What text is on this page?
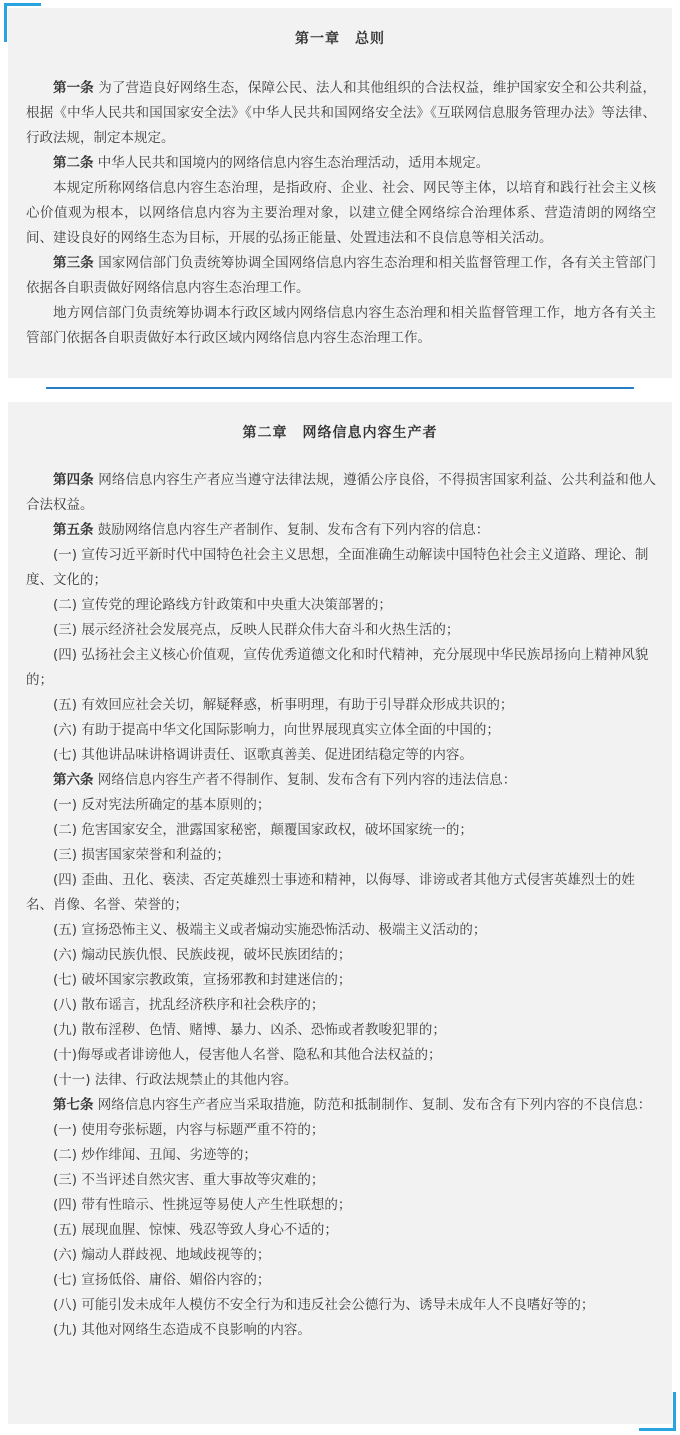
第一章　总则

第一条 为了营造良好网络生态，保障公民、法人和其他组织的合法权益，维护国家安全和公共利益，根据《中华人民共和国国家安全法》《中华人民共和国网络安全法》《互联网信息服务管理办法》等法律、行政法规，制定本规定。

第二条 中华人民共和国境内的网络信息内容生态治理活动，适用本规定。

本规定所称网络信息内容生态治理，是指政府、企业、社会、网民等主体，以培育和践行社会主义核心价值观为根本，以网络信息内容为主要治理对象，以建立健全网络综合治理体系、营造清朗的网络空间、建设良好的网络生态为目标，开展的弘扬正能量、处置违法和不良信息等相关活动。

第三条 国家网信部门负责统筹协调全国网络信息内容生态治理和相关监督管理工作，各有关主管部门依据各自职责做好网络信息内容生态治理工作。

地方网信部门负责统筹协调本行政区域内网络信息内容生态治理和相关监督管理工作，地方各有关主管部门依据各自职责做好本行政区域内网络信息内容生态治理工作。

第二章　网络信息内容生产者

第四条 网络信息内容生产者应当遵守法律法规，遵循公序良俗，不得损害国家利益、公共利益和他人合法权益。

第五条 鼓励网络信息内容生产者制作、复制、发布含有下列内容的信息：

(一) 宣传习近平新时代中国特色社会主义思想，全面准确生动解读中国特色社会主义道路、理论、制度、文化的；

(二) 宣传党的理论路线方针政策和中央重大决策部署的；

(三) 展示经济社会发展亮点，反映人民群众伟大奋斗和火热生活的；

(四) 弘扬社会主义核心价值观，宣传优秀道德文化和时代精神，充分展现中华民族昂扬向上精神风貌的；

(五) 有效回应社会关切，解疑释惑，析事明理，有助于引导群众形成共识的；

(六) 有助于提高中华文化国际影响力，向世界展现真实立体全面的中国的；

(七) 其他讲品味讲格调讲责任、讴歌真善美、促进团结稳定等的内容。

第六条 网络信息内容生产者不得制作、复制、发布含有下列内容的违法信息：

(一) 反对宪法所确定的基本原则的；

(二) 危害国家安全，泄露国家秘密，颠覆国家政权，破坏国家统一的；

(三) 损害国家荣誉和利益的；

(四) 歪曲、丑化、亵渎、否定英雄烈士事迹和精神，以侮辱、诽谤或者其他方式侵害英雄烈士的姓名、肖像、名誉、荣誉的；

(五) 宣扬恐怖主义、极端主义或者煽动实施恐怖活动、极端主义活动的；

(六) 煽动民族仇恨、民族歧视，破坏民族团结的；

(七) 破坏国家宗教政策，宣扬邪教和封建迷信的；

(八) 散布谣言，扰乱经济秩序和社会秩序的；

(九) 散布淫秽、色情、赌博、暴力、凶杀、恐怖或者教唆犯罪的；

(十)侮辱或者诽谤他人，侵害他人名誉、隐私和其他合法权益的；

(十一) 法律、行政法规禁止的其他内容。

第七条 网络信息内容生产者应当采取措施，防范和抵制制作、复制、发布含有下列内容的不良信息：

(一) 使用夸张标题，内容与标题严重不符的；

(二) 炒作绯闻、丑闻、劣迹等的；

(三) 不当评述自然灾害、重大事故等灾难的；

(四) 带有性暗示、性挑逗等易使人产生性联想的；

(五) 展现血腥、惊悚、残忍等致人身心不适的；

(六) 煽动人群歧视、地域歧视等的；

(七) 宣扬低俗、庸俗、媚俗内容的；

(八) 可能引发未成年人模仿不安全行为和违反社会公德行为、诱导未成年人不良嗜好等的；

(九) 其他对网络生态造成不良影响的内容。
